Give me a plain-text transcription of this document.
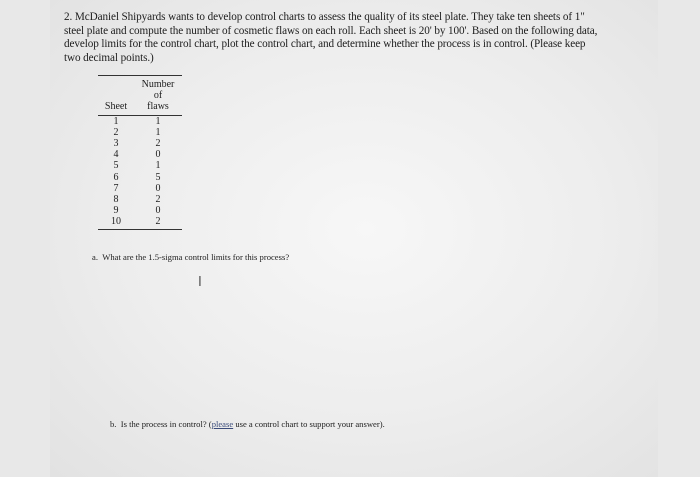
2. McDaniel Shipyards wants to develop control charts to assess the quality of its steel plate. They take ten sheets of 1" steel plate and compute the number of cosmetic flaws on each roll. Each sheet is 20' by 100'. Based on the following data, develop limits for the control chart, plot the control chart, and determine whether the process is in control. (Please keep two decimal points.)
	Number of
Sheet	flaws
1	1
2	1
3	2
4	0
5	1
6	5
7	0
8	2
9	0
10	2
a. What are the 1.5-sigma control limits for this process?
I
b. Is the process in control? (please use a control chart to support your answer).
